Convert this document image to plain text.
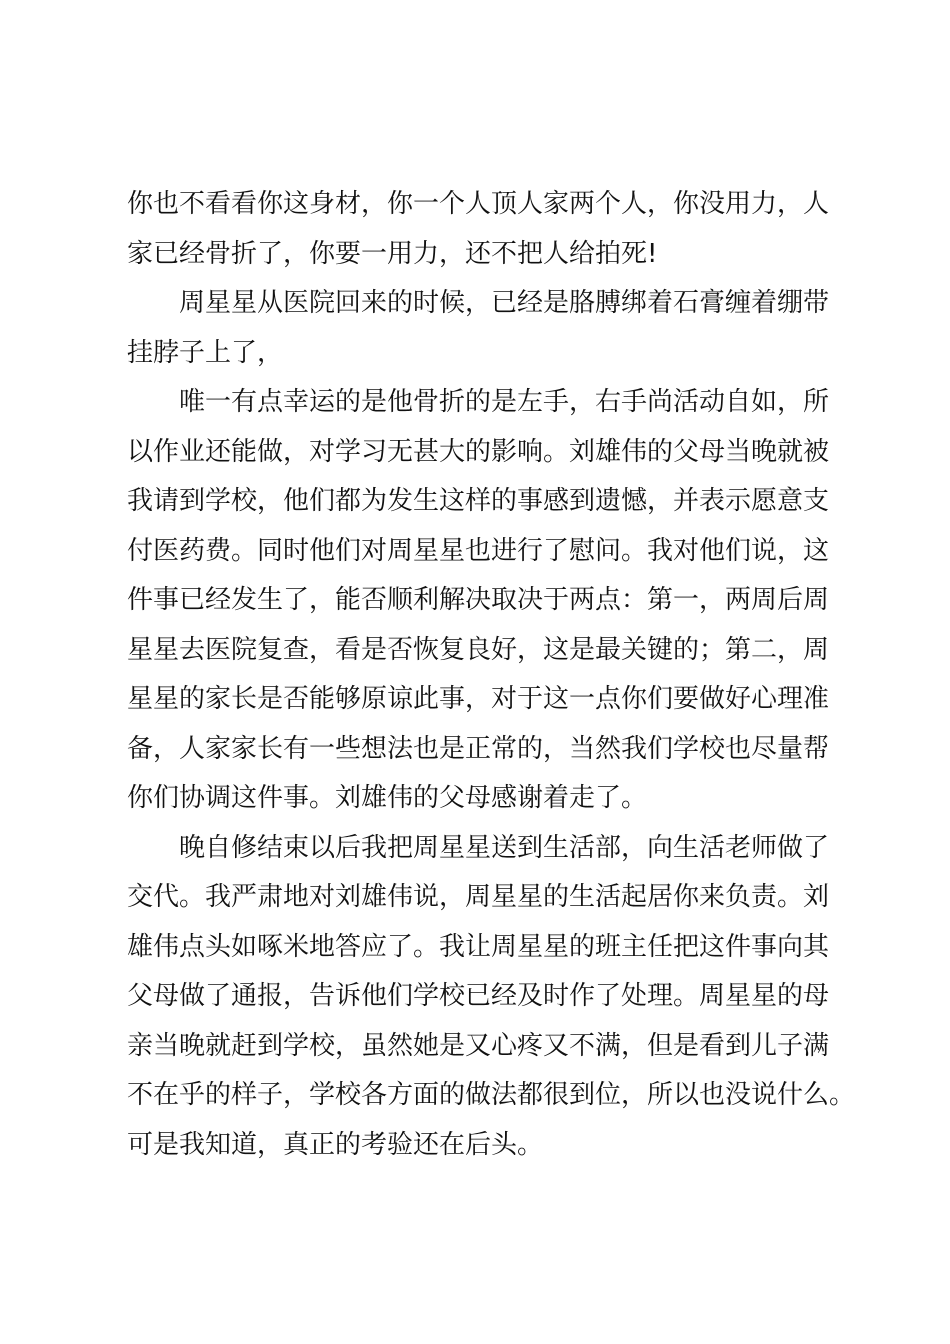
你也不看看你这身材，你一个人顶人家两个人，你没用力，人
家已经骨折了，你要一用力，还不把人给拍死!
周星星从医院回来的时候，已经是胳膊绑着石膏缠着绷带
挂脖子上了，
唯一有点幸运的是他骨折的是左手，右手尚活动自如，所
以作业还能做，对学习无甚大的影响。刘雄伟的父母当晚就被
我请到学校，他们都为发生这样的事感到遗憾，并表示愿意支
付医药费。同时他们对周星星也进行了慰问。我对他们说，这
件事已经发生了，能否顺利解决取决于两点：第一，两周后周
星星去医院复查，看是否恢复良好，这是最关键的；第二，周
星星的家长是否能够原谅此事，对于这一点你们要做好心理准
备，人家家长有一些想法也是正常的，当然我们学校也尽量帮
你们协调这件事。刘雄伟的父母感谢着走了。
晚自修结束以后我把周星星送到生活部，向生活老师做了
交代。我严肃地对刘雄伟说，周星星的生活起居你来负责。刘
雄伟点头如啄米地答应了。我让周星星的班主任把这件事向其
父母做了通报，告诉他们学校已经及时作了处理。周星星的母
亲当晚就赶到学校，虽然她是又心疼又不满，但是看到儿子满
不在乎的样子，学校各方面的做法都很到位，所以也没说什么。
可是我知道，真正的考验还在后头。
